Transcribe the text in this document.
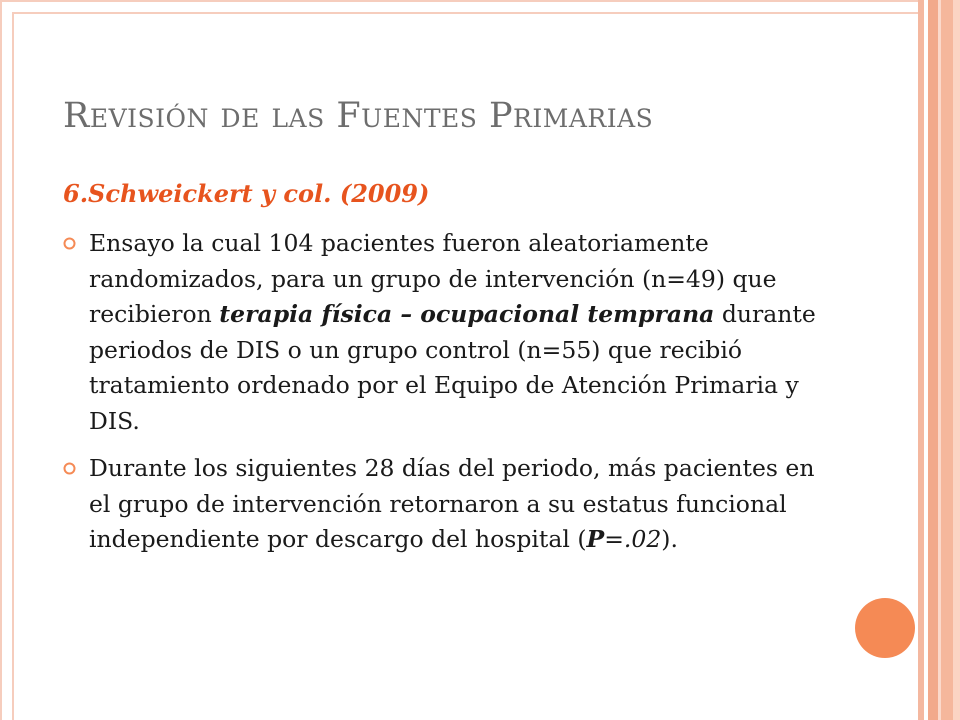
Revisión de las Fuentes Primarias
6.Schweickert y col. (2009)
Ensayo la cual 104 pacientes fueron aleatoriamente randomizados, para un grupo de intervención (n=49) que recibieron terapia física – ocupacional temprana durante periodos de DIS o un grupo control (n=55) que recibió tratamiento ordenado por el Equipo de Atención Primaria y DIS.
Durante los siguientes 28 días del periodo, más pacientes en el grupo de intervención retornaron a su estatus funcional independiente por descargo del hospital (P=.02).
